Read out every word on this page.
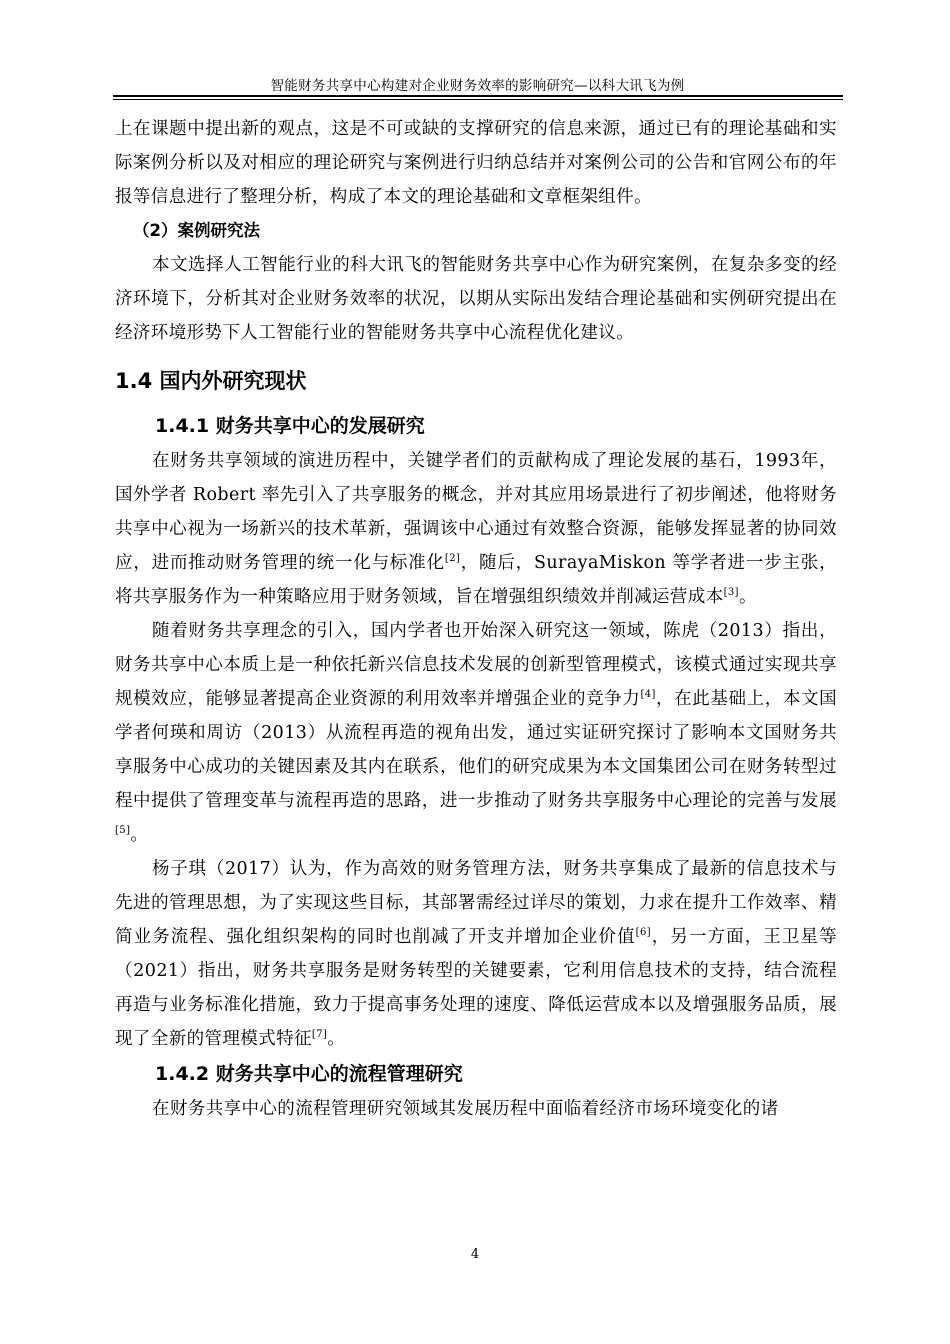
智能财务共享中心构建对企业财务效率的影响研究—以科大讯飞为例

上在课题中提出新的观点，这是不可或缺的支撑研究的信息来源，通过已有的理论基础和实际案例分析以及对相应的理论研究与案例进行归纳总结并对案例公司的公告和官网公布的年报等信息进行了整理分析，构成了本文的理论基础和文章框架组件。

（2）案例研究法

本文选择人工智能行业的科大讯飞的智能财务共享中心作为研究案例，在复杂多变的经济环境下，分析其对企业财务效率的状况，以期从实际出发结合理论基础和实例研究提出在经济环境形势下人工智能行业的智能财务共享中心流程优化建议。

1.4 国内外研究现状
1.4.1 财务共享中心的发展研究

在财务共享领域的演进历程中，关键学者们的贡献构成了理论发展的基石，1993年，国外学者 Robert 率先引入了共享服务的概念，并对其应用场景进行了初步阐述，他将财务共享中心视为一场新兴的技术革新，强调该中心通过有效整合资源，能够发挥显著的协同效应，进而推动财务管理的统一化与标准化[2]，随后，SurayaMiskon 等学者进一步主张，将共享服务作为一种策略应用于财务领域，旨在增强组织绩效并削减运营成本[3]。

随着财务共享理念的引入，国内学者也开始深入研究这一领域，陈虎（2013）指出，财务共享中心本质上是一种依托新兴信息技术发展的创新型管理模式，该模式通过实现共享规模效应，能够显著提高企业资源的利用效率并增强企业的竞争力[4]，在此基础上，本文国学者何瑛和周访（2013）从流程再造的视角出发，通过实证研究探讨了影响本文国财务共享服务中心成功的关键因素及其内在联系，他们的研究成果为本文国集团公司在财务转型过程中提供了管理变革与流程再造的思路，进一步推动了财务共享服务中心理论的完善与发展[5]。

杨子琪（2017）认为，作为高效的财务管理方法，财务共享集成了最新的信息技术与先进的管理思想，为了实现这些目标，其部署需经过详尽的策划，力求在提升工作效率、精简业务流程、强化组织架构的同时也削减了开支并增加企业价值[6]，另一方面，王卫星等（2021）指出，财务共享服务是财务转型的关键要素，它利用信息技术的支持，结合流程再造与业务标准化措施，致力于提高事务处理的速度、降低运营成本以及增强服务品质，展现了全新的管理模式特征[7]。

1.4.2 财务共享中心的流程管理研究

在财务共享中心的流程管理研究领域其发展历程中面临着经济市场环境变化的诸

4
